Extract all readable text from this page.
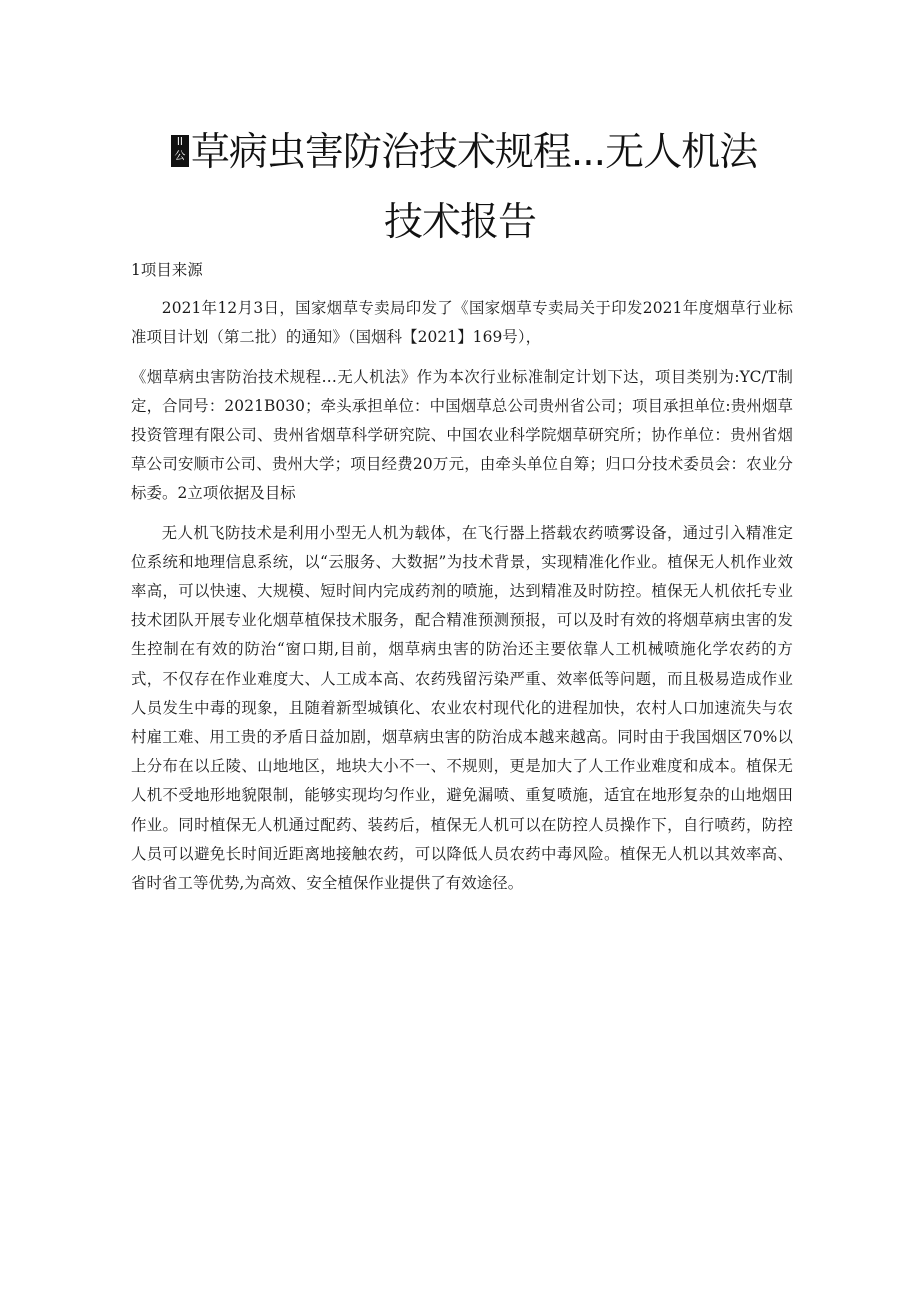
ll
公 草病虫害防治技术规程...无人机法
技术报告

1项目来源

2021年12月3日，国家烟草专卖局印发了《国家烟草专卖局关于印发2021年度烟草行业标准项目计划（第二批）的通知》（国烟科【2021】169号），

《烟草病虫害防治技术规程…无人机法》作为本次行业标准制定计划下达，项目类别为:YC/T制定，合同号：2021B030；牵头承担单位：中国烟草总公司贵州省公司；项目承担单位:贵州烟草投资管理有限公司、贵州省烟草科学研究院、中国农业科学院烟草研究所；协作单位：贵州省烟草公司安顺市公司、贵州大学；项目经费20万元，由牵头单位自筹；归口分技术委员会：农业分标委。2立项依据及目标

无人机飞防技术是利用小型无人机为载体，在飞行器上搭载农药喷雾设备，通过引入精准定位系统和地理信息系统，以“云服务、大数据”为技术背景，实现精准化作业。植保无人机作业效率高，可以快速、大规模、短时间内完成药剂的喷施，达到精准及时防控。植保无人机依托专业技术团队开展专业化烟草植保技术服务，配合精准预测预报，可以及时有效的将烟草病虫害的发生控制在有效的防治“窗口期,目前，烟草病虫害的防治还主要依靠人工机械喷施化学农药的方式，不仅存在作业难度大、人工成本高、农药残留污染严重、效率低等问题，而且极易造成作业人员发生中毒的现象，且随着新型城镇化、农业农村现代化的进程加快，农村人口加速流失与农村雇工难、用工贵的矛盾日益加剧，烟草病虫害的防治成本越来越高。同时由于我国烟区70%以上分布在以丘陵、山地地区，地块大小不一、不规则，更是加大了人工作业难度和成本。植保无人机不受地形地貌限制，能够实现均匀作业，避免漏喷、重复喷施，适宜在地形复杂的山地烟田作业。同时植保无人机通过配药、装药后，植保无人机可以在防控人员操作下，自行喷药，防控人员可以避免长时间近距离地接触农药，可以降低人员农药中毒风险。植保无人机以其效率高、省时省工等优势,为高效、安全植保作业提供了有效途径。
